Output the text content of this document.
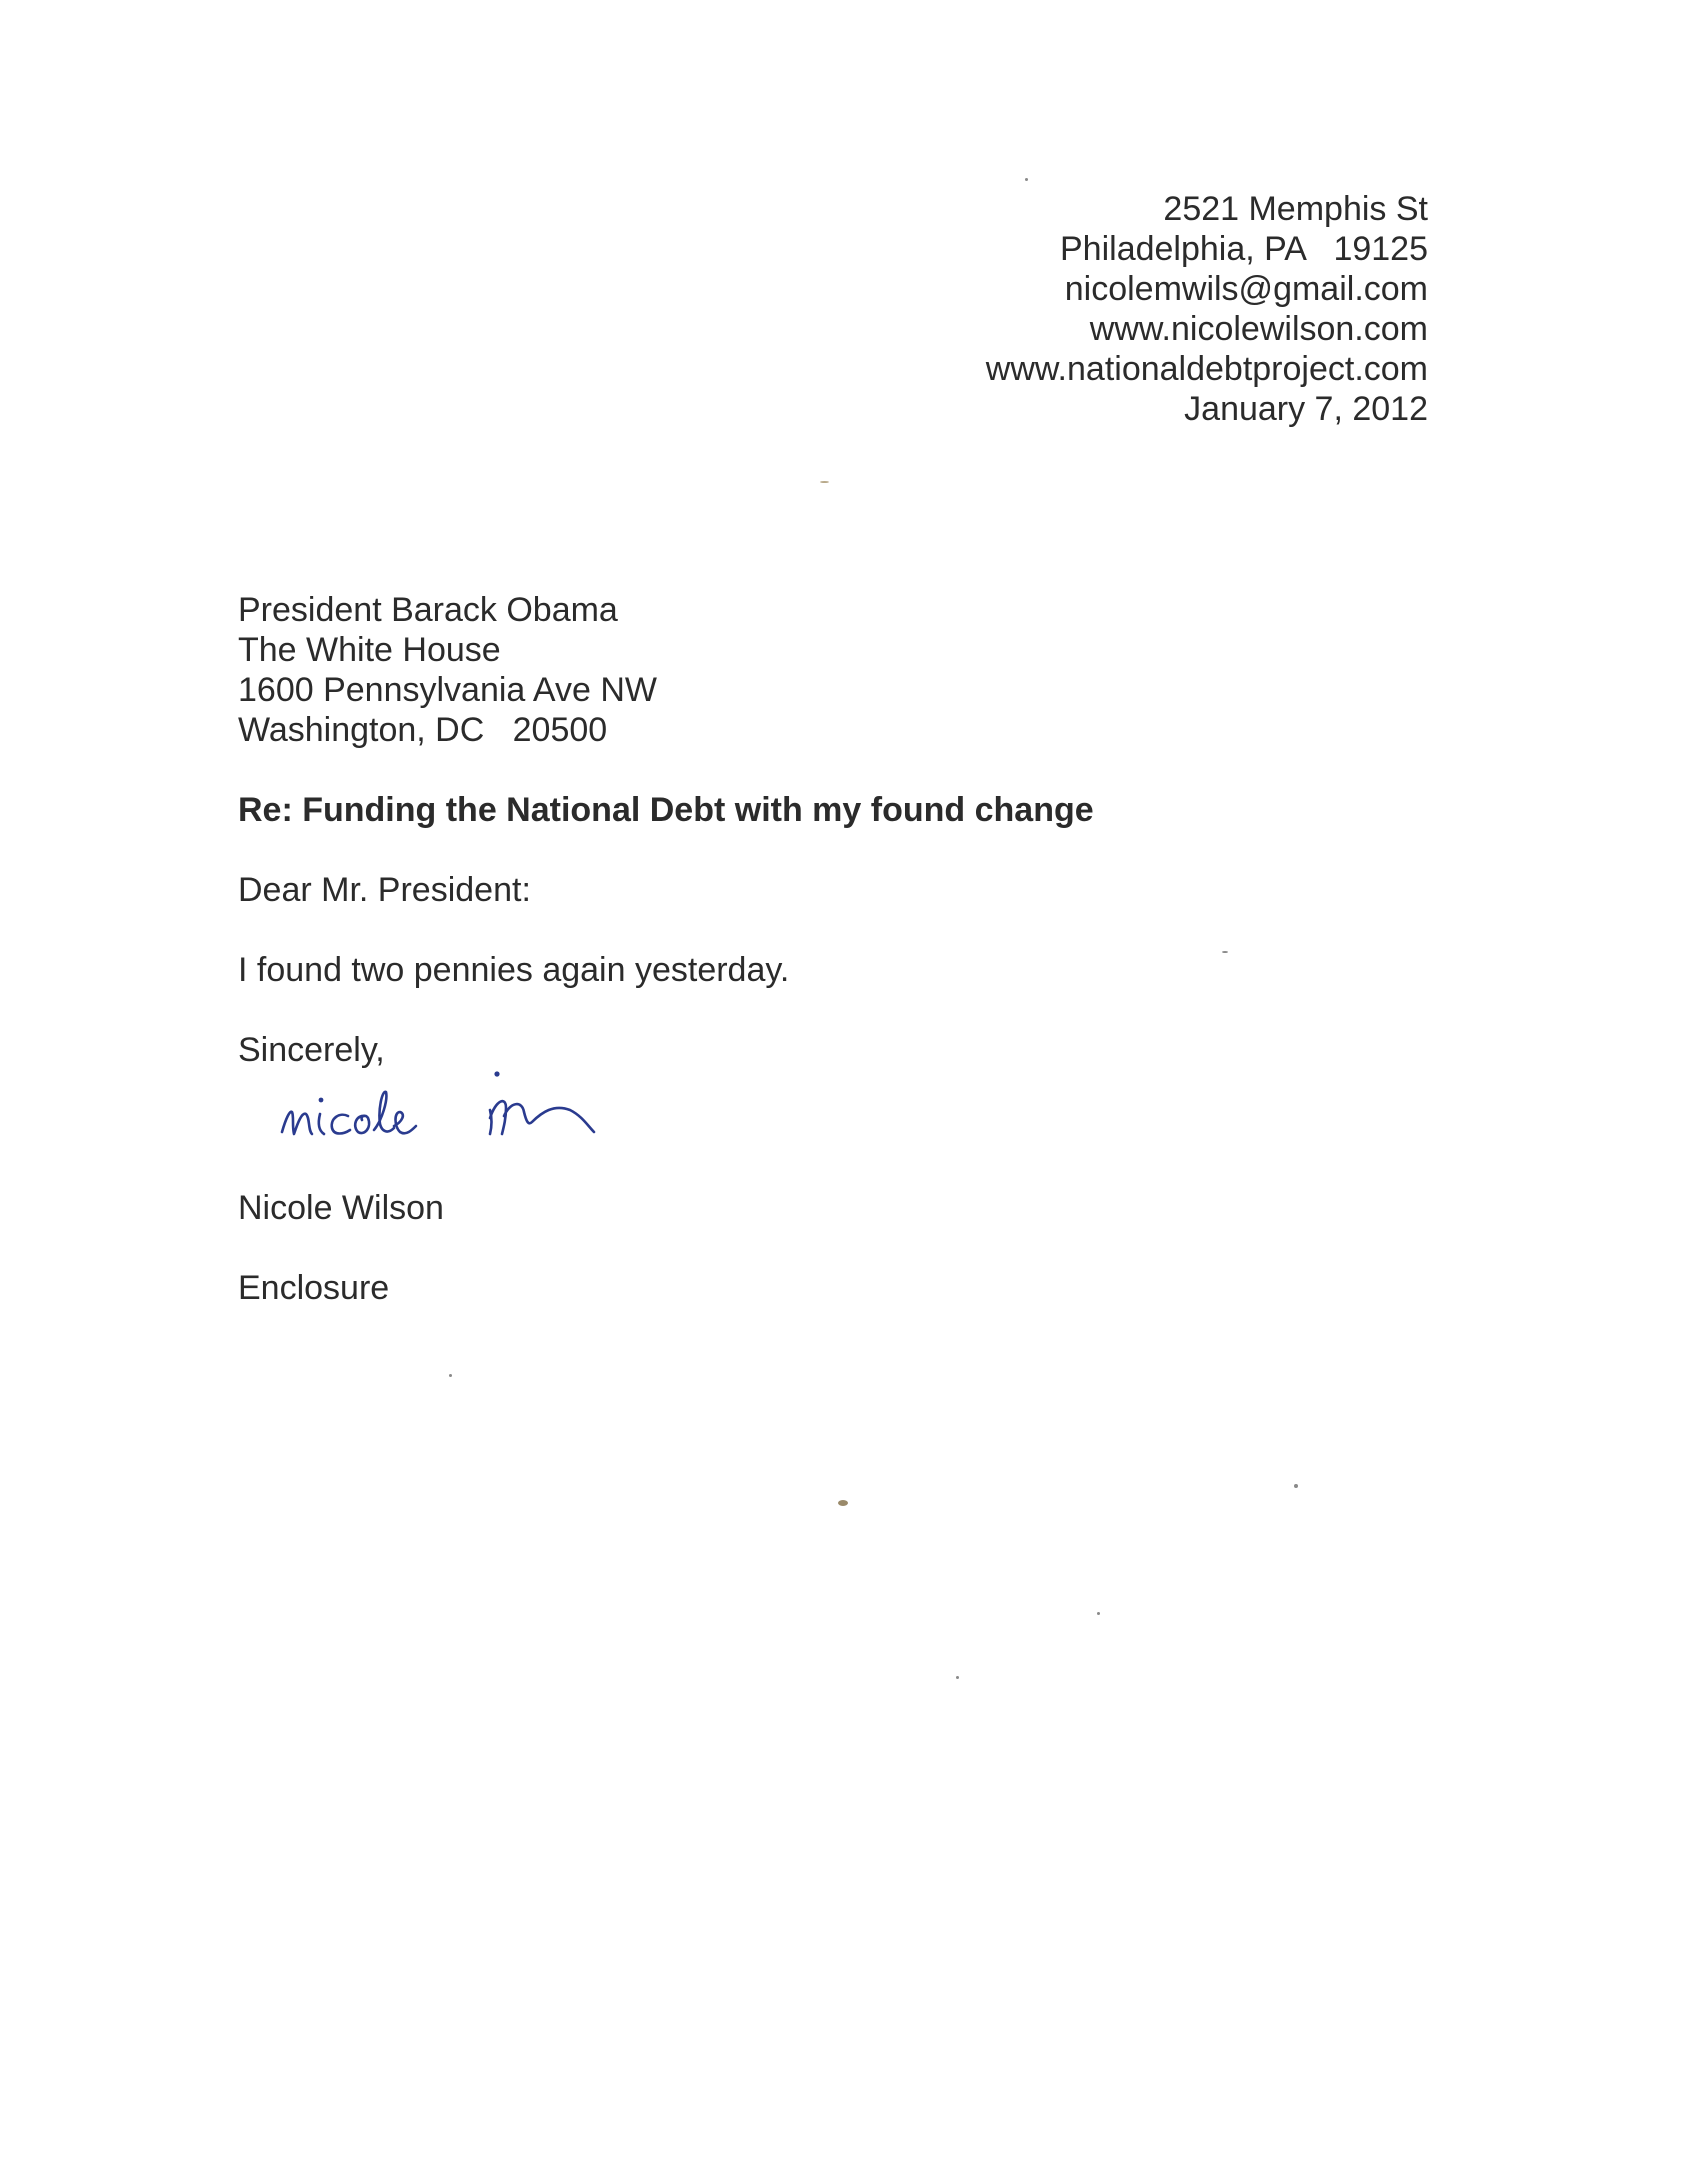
2521 Memphis St
Philadelphia, PA   19125
nicolemwils@gmail.com
www.nicolewilson.com
www.nationaldebtproject.com
January 7, 2012
President Barack Obama
The White House
1600 Pennsylvania Ave NW
Washington, DC   20500
Re: Funding the National Debt with my found change
Dear Mr. President:
I found two pennies again yesterday.
Sincerely,
Nicole Wilson
Enclosure
